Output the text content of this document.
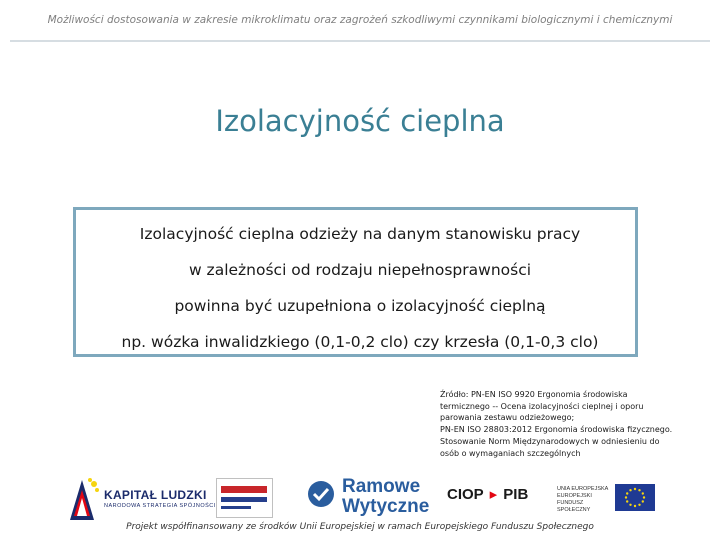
Możliwości dostosowania w zakresie mikroklimatu oraz zagrożeń szkodliwymi czynnikami biologicznymi i chemicznymi
Izolacyjność cieplna
Izolacyjność cieplna odzieży na danym stanowisku pracy
w zależności od rodzaju niepełnosprawności
powinna być uzupełniona o izolacyjność cieplną
np. wózka inwalidzkiego (0,1-0,2 clo) czy krzesła (0,1-0,3 clo)
Źródło: PN-EN ISO 9920 Ergonomia środowiska
termicznego -- Ocena izolacyjności cieplnej i oporu
parowania zestawu odzieżowego;
PN-EN ISO 28803:2012 Ergonomia środowiska fizycznego.
Stosowanie Norm Międzynarodowych w odniesieniu do
osób o wymaganiach szczególnych
KAPITAŁ LUDZKI
NARODOWA STRATEGIA SPÓJNOŚCI
Ramowe
Wytyczne
CIOP ▸ PIB	UNIA EUROPEJSKA EUROPEJSKI FUNDUSZ SPOŁECZNY
Projekt współfinansowany ze środków Unii Europejskiej w ramach Europejskiego Funduszu Społecznego
